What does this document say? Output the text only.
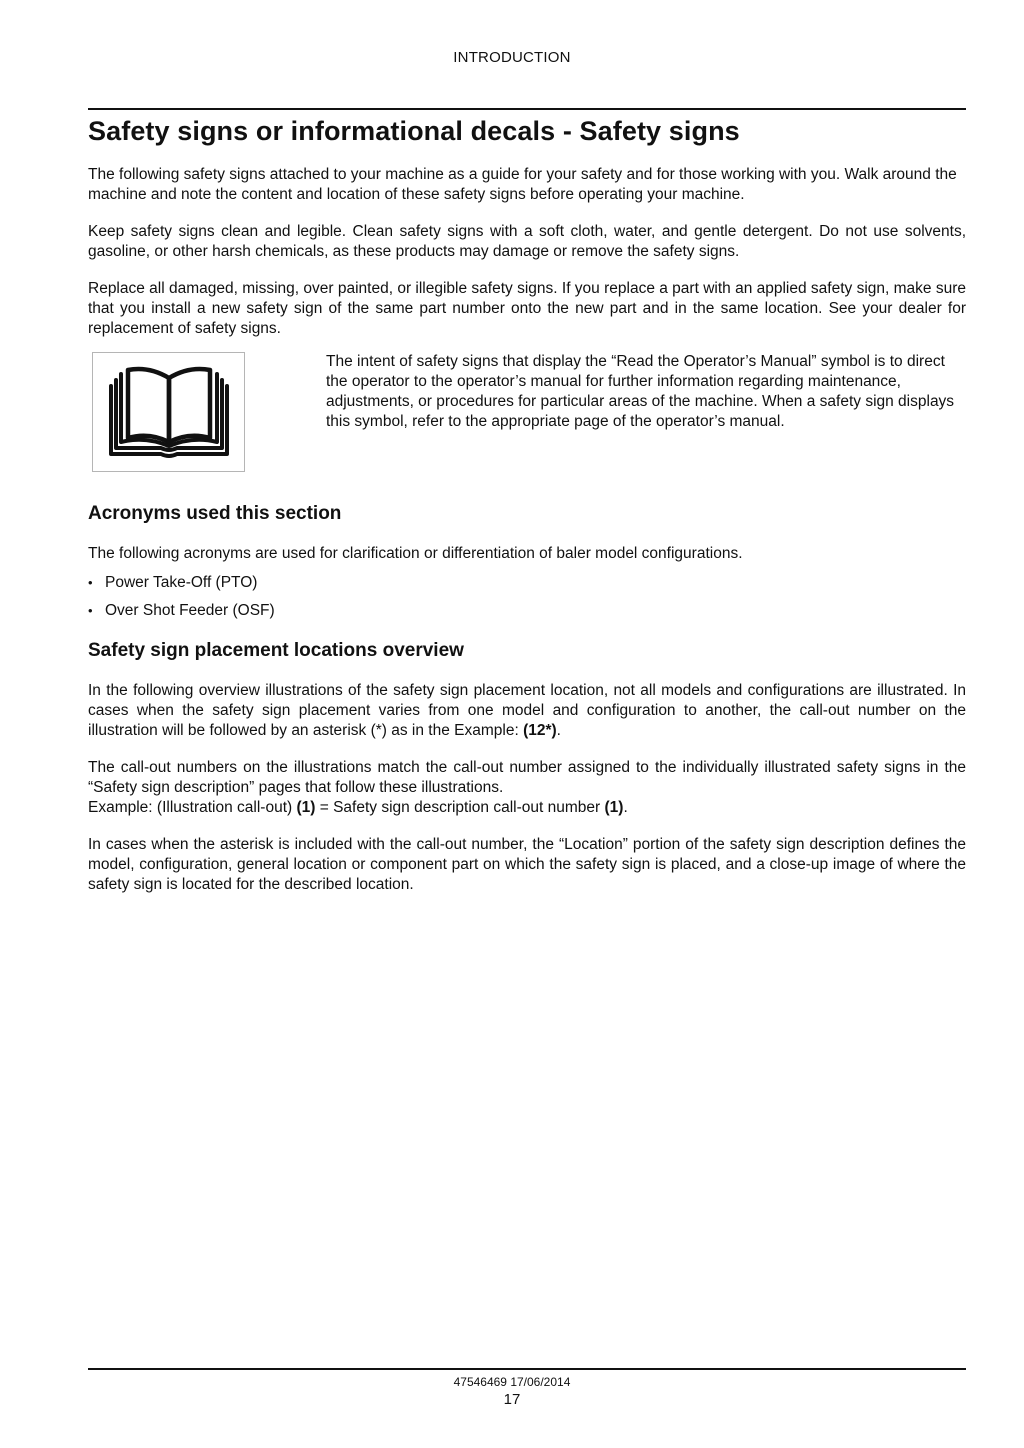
INTRODUCTION
Safety signs or informational decals - Safety signs

The following safety signs attached to your machine as a guide for your safety and for those working with you. Walk around the machine and note the content and location of these safety signs before operating your machine.

Keep safety signs clean and legible. Clean safety signs with a soft cloth, water, and gentle detergent. Do not use solvents, gasoline, or other harsh chemicals, as these products may damage or remove the safety signs.

Replace all damaged, missing, over painted, or illegible safety signs. If you replace a part with an applied safety sign, make sure that you install a new safety sign of the same part number onto the new part and in the same location. See your dealer for replacement of safety signs.

The intent of safety signs that display the “Read the Operator’s Manual” symbol is to direct the operator to the operator’s manual for further information regarding maintenance, adjustments, or procedures for particular areas of the machine. When a safety sign displays this symbol, refer to the appropriate page of the operator’s manual.

Acronyms used this section

The following acronyms are used for clarification or differentiation of baler model configurations.

• Power Take-Off (PTO)
• Over Shot Feeder (OSF)
Safety sign placement locations overview

In the following overview illustrations of the safety sign placement location, not all models and configurations are illustrated. In cases when the safety sign placement varies from one model and configuration to another, the call-out number on the illustration will be followed by an asterisk (*) as in the Example: (12*).

The call-out numbers on the illustrations match the call-out number assigned to the individually illustrated safety signs in the “Safety sign description” pages that follow these illustrations.
Example: (Illustration call-out) (1) = Safety sign description call-out number (1).

In cases when the asterisk is included with the call-out number, the “Location” portion of the safety sign description defines the model, configuration, general location or component part on which the safety sign is placed, and a close-up image of where the safety sign is located for the described location.

47546469 17/06/2014
17
